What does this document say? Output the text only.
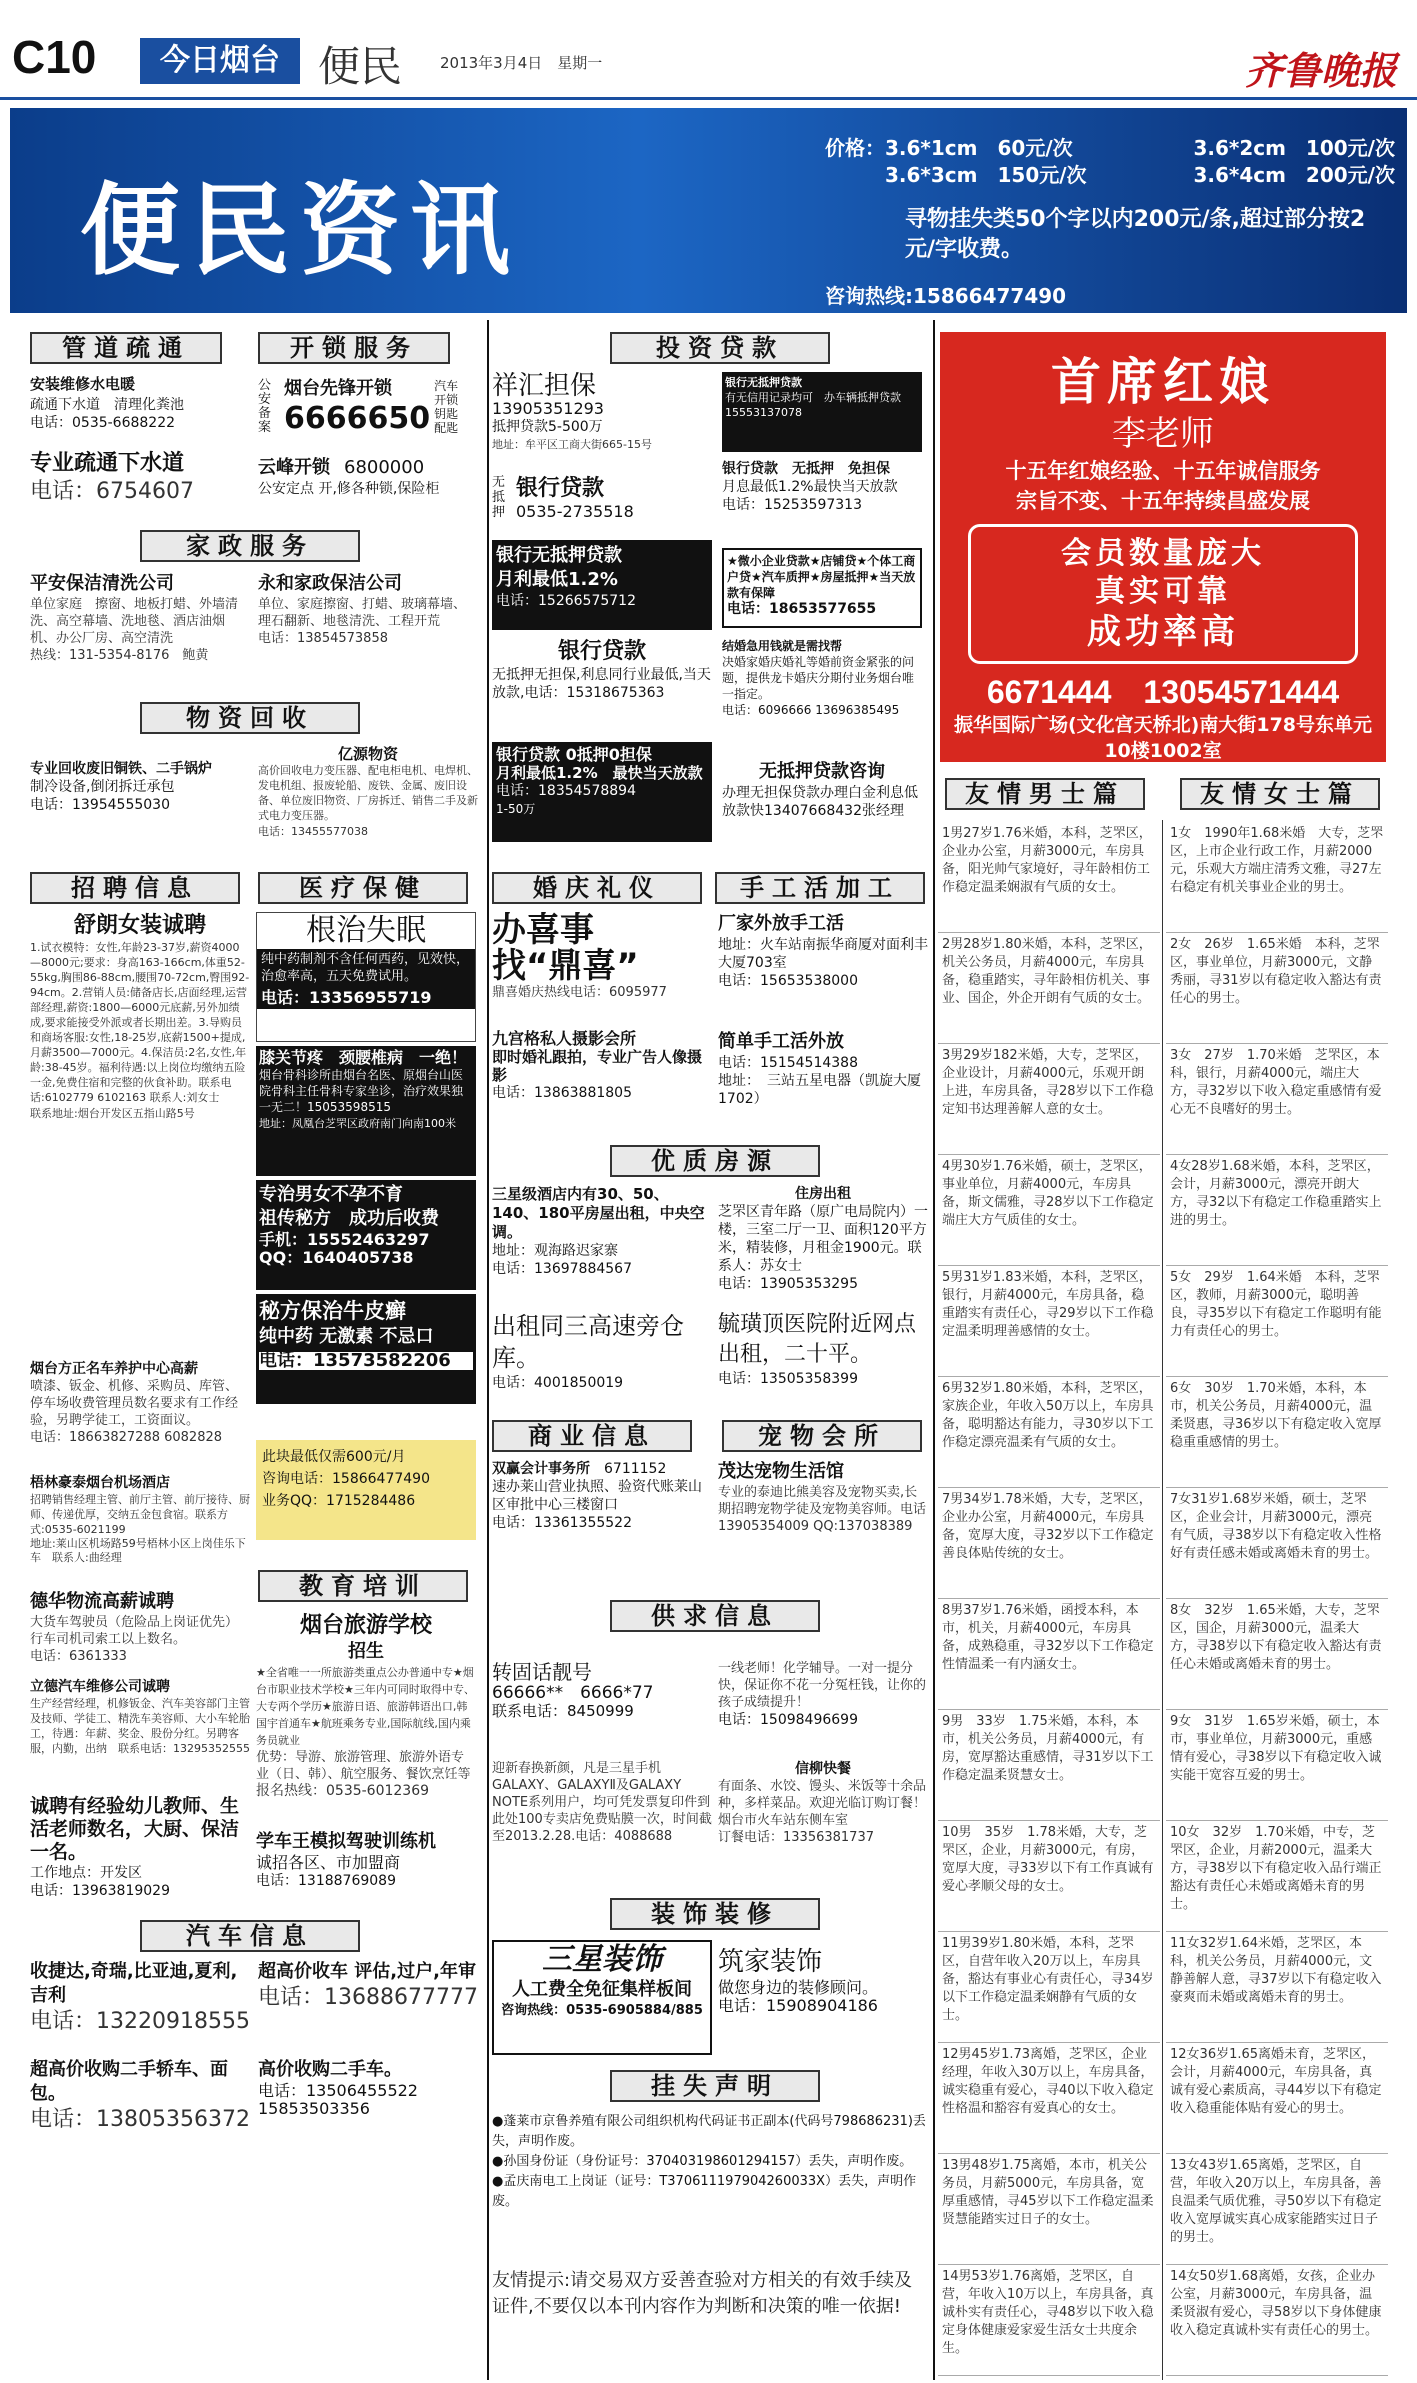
C10	今日烟台 便民	2013年3月4日　星期一	齐鲁晚报
便民资讯
价格：3.6*1cm　60元/次	3.6*2cm　100元/次
3.6*3cm　150元/次	3.6*4cm　200元/次
寻物挂失类50个字以内200元/条,超过部分按2元/字收费。
咨询热线:15866477490
管道疏通	开锁服务
安装维修水电暖
疏通下水道　清理化粪池
电话：0535-6688222
专业疏通下水道
电话：6754607
公安备案
烟台先锋开锁
6666650
汽车开锁 钥匙 配匙
云峰开锁　 6800000
公安定点 开,修各种锁,保险柜
家政服务
平安保洁清洗公司
单位家庭　擦窗、地板打蜡、外墙清洗、高空幕墙、洗地毯、酒店油烟机、办公厂房、高空清洗
热线：131-5354-8176　鲍黄
永和家政保洁公司
单位、家庭擦窗、打蜡、玻璃幕墙、理石翻新、地毯清洗、工程开荒
电话：13854573858
物资回收
专业回收废旧铜铁、二手锅炉
制冷设备,倒闭拆迁承包
电话：13954555030
亿源物资
高价回收电力变压器、配电柜电机、电焊机、发电机组、报废轮船、废铁、金属、废旧设备、单位废旧物资、厂房拆迁、销售二手及新式电力变压器。
电话：13455577038
招聘信息	医疗保健
舒朗女装诚聘
1.试衣模特：女性,年龄23-37岁,薪资4000—8000元;要求：身高163-166cm,体重52-55kg,胸围86-88cm,腰围70-72cm,臀围92-94cm。2.营销人员:储备店长,店面经理,运营部经理,薪资:1800—6000元底薪,另外加绩成,要求能接受外派或者长期出差。3.导购员和商场客服:女性,18-25岁,底薪1500+提成,月薪3500—7000元。4.保洁员:2名,女性,年龄:38-45岁。福利待遇:以上岗位均缴纳五险一金,免费住宿和完整的伙食补助。联系电话:6102779 6102163 联系人:刘女士
联系地址:烟台开发区五指山路5号
烟台方正名车养护中心高薪
喷漆、钣金、机修、采购员、库管、停车场收费管理员数名要求有工作经验，另聘学徒工，工资面议。
电话：18663827288 6082828
梧林豪泰烟台机场酒店
招聘销售经理主管、前厅主管、前厅接待、厨师、传递优厚，交纳五金包食宿。联系方式:0535-6021199
地址:莱山区机场路59号梧林小区上岗佳乐下车　联系人:曲经理
德华物流高薪诚聘
大货车驾驶员（危险品上岗证优先）行车司机司索工以上数名。
电话：6361333
立德汽车维修公司诚聘
生产经营经理，机修钣金、汽车美容部门主管及技师、学徒工、精洗车美容师、大小车轮胎工，待遇：年薪、奖金、股份分红。另聘客服，内勤，出纳　联系电话：13295352555
诚聘有经验幼儿教师、生活老师数名，大厨、保洁一名。
工作地点：开发区
电话：13963819029
根治失眠
纯中药制剂不含任何西药，见效快，治愈率高，五天免费试用。
电话：13356955719
膝关节疼　颈腰椎病　一绝！
烟台骨科诊所由烟台名医、原烟台山医院骨科主任骨科专家坐诊，治疗效果独一无二！15053598515
地址：凤凰台芝罘区政府南门向南100米
专治男女不孕不育
祖传秘方　成功后收费
手机：15552463297
QQ：1640405738
秘方保治牛皮癣
纯中药 无激素 不忌口
电话：13573582206
此块最低仅需600元/月
咨询电话：15866477490
业务QQ：1715284486
教育培训
烟台旅游学校
招生
★全省唯一一所旅游类重点公办普通中专★烟台市职业技术学校★三年内可同时取得中专、大专两个学历★旅游日语、旅游韩语出口,韩国宇首通车★航班乘务专业,国际航线,国内乘务员就业
优势：导游、旅游管理、旅游外语专业（日、韩）、航空服务、餐饮烹饪等
报名热线：0535-6012369
学车王模拟驾驶训练机
诚招各区、市加盟商
电话：13188769089
汽车信息
收捷达,奇瑞,比亚迪,夏利,吉利
电话：13220918555
超高价收车 评估,过户,年审
电话：13688677777
超高价收购二手轿车、面包。
电话：13805356372
高价收购二手车。
电话：13506455522
15853503356
投资贷款
祥汇担保
13905351293
抵押贷款5-500万
地址：牟平区工商大街665-15号
银行无抵押贷款
有无信用记录均可　办车辆抵押贷款
15553137078
无抵押
银行贷款
0535-2735518
银行贷款　无抵押　免担保
月息最低1.2%最快当天放款
电话：15253597313
银行无抵押贷款
月利最低1.2%
电话：15266575712
★微小企业贷款★店铺贷★个体工商户贷★汽车质押★房屋抵押★当天放款有保障
电话：18653577655
银行贷款
无抵押无担保,利息同行业最低,当天放款,电话：15318675363
结婚急用钱就是需找帮
决婚家婚庆婚礼等婚前资金紧张的问题，提供龙卡婚庆分期付业务烟台唯一指定。
电话：6096666 13696385495
银行贷款 0抵押0担保
月利最低1.2%　最快当天放款
电话：18354578894
1-50万
无抵押贷款咨询
办理无担保贷款办理白金利息低放款快13407668432张经理
婚庆礼仪	手工活加工
办喜事
找“鼎喜”
鼎喜婚庆热线电话：6095977
九宫格私人摄影会所
即时婚礼跟拍，专业广告人像摄影
电话：13863881805
厂家外放手工活
地址：火车站南振华商厦对面利丰大厦703室
电话：15653538000
简单手工活外放
电话：15154514388
地址：　三站五星电器（凯旋大厦1702）
优质房源
三星级酒店内有30、50、140、180平房屋出租，中央空调。
地址：观海路迟家寨
电话：13697884567
住房出租
芝罘区青年路（原广电局院内）一楼，三室二厅一卫、面积120平方米，精装修，月租金1900元。联系人：苏女士
电话：13905353295
出租同三高速旁仓库。
电话：4001850019
毓璜顶医院附近网点出租，二十平。
电话：13505358399
商业信息	宠物会所
双赢会计事务所　 6711152
速办莱山营业执照、验资代账莱山区审批中心三楼窗口
电话：13361355522
茂达宠物生活馆
专业的泰迪比熊美容及宠物买卖,长期招聘宠物学徒及宠物美容师。电话13905354009 QQ:137038389
供求信息
转固话靓号
66666**　6666*77
联系电话：8450999
一线老师！化学辅导。一对一提分快，保证你不花一分冤枉钱，让你的孩子成绩提升！
电话：15098496699
迎新春换新颜，凡是三星手机GALAXY、GALAXYⅡ及GALAXY NOTE系列用户，均可凭发票复印件到此处100专卖店免费贴膜一次，时间截至2013.2.28.电话：4088688
信柳快餐
有面条、水饺、馒头、米饭等十余品种，多样菜品。欢迎光临订购订餐！烟台市火车站东侧车室
订餐电话：13356381737
装饰装修
三星装饰
人工费全免征集样板间
咨询热线：0535-6905884/885
筑家装饰
做您身边的装修顾问。
电话：15908904186
挂失声明
●蓬莱市京鲁养殖有限公司组织机构代码证书正副本(代码号798686231)丢失，声明作废。
●孙国身份证（身份证号：370403198601294157）丢失，声明作废。
●孟庆南电工上岗证（证号：T370611197904260033X）丢失，声明作废。
友情提示:请交易双方妥善查验对方相关的有效手续及证件,不要仅以本刊内容作为判断和决策的唯一依据!
首席红娘
李老师
十五年红娘经验、十五年诚信服务
宗旨不变、十五年持续昌盛发展
会员数量庞大
真实可靠
成功率高
6671444　13054571444
振华国际广场(文化宫天桥北)南大街178号东单元10楼1002室
友情男士篇	友情女士篇
1男27岁1.76米婚，本科，芝罘区，企业办公室，月薪3000元，车房具备，阳光帅气家境好，寻年龄相仿工作稳定温柔娴淑有气质的女士。
2男28岁1.80米婚，本科，芝罘区，机关公务员，月薪4000元，车房具备，稳重踏实，寻年龄相仿机关、事业、国企，外企开朗有气质的女士。
3男29岁182米婚，大专，芝罘区，企业设计，月薪4000元，乐观开朗上进，车房具备，寻28岁以下工作稳定知书达理善解人意的女士。
4男30岁1.76米婚，硕士，芝罘区，事业单位，月薪4000元，车房具备，斯文儒雅，寻28岁以下工作稳定端庄大方气质佳的女士。
5男31岁1.83米婚，本科，芝罘区，银行，月薪4000元，车房具备，稳重踏实有责任心，寻29岁以下工作稳定温柔明理善感情的女士。
6男32岁1.80米婚，本科，芝罘区，家族企业，年收入50万以上，车房具备，聪明豁达有能力，寻30岁以下工作稳定漂亮温柔有气质的女士。
7男34岁1.78米婚，大专，芝罘区，企业办公室，月薪4000元，车房具备，宽厚大度，寻32岁以下工作稳定善良体贴传统的女士。
8男37岁1.76米婚，函授本科，本市，机关，月薪4000元，车房具备，成熟稳重，寻32岁以下工作稳定性情温柔一有内涵女士。
9男　33岁　1.75米婚，本科，本市，机关公务员，月薪4000元，有房，宽厚豁达重感情，寻31岁以下工作稳定温柔贤慧女士。
10男　35岁　1.78米婚，大专，芝罘区，企业，月薪3000元，有房，宽厚大度，寻33岁以下有工作真诚有爱心孝顺父母的女士。
11男39岁1.80米婚，本科，芝罘区，自营年收入20万以上，车房具备，豁达有事业心有责任心，寻34岁以下工作稳定温柔娴静有气质的女士。
12男45岁1.73离婚，芝罘区，企业经理，年收入30万以上，车房具备，诚实稳重有爱心，寻40以下收入稳定性格温和豁容有爱真心的女士。
13男48岁1.75离婚，本市，机关公务员，月薪5000元，车房具备，宽厚重感情，寻45岁以下工作稳定温柔贤慧能踏实过日子的女士。
14男53岁1.76离婚，芝罘区，自营，年收入10万以上，车房具备，真诚朴实有责任心，寻48岁以下收入稳定身体健康爱家爱生活女士共度余生。
1女　1990年1.68米婚　大专，芝罘区，上市企业行政工作，月薪2000元，乐观大方端庄清秀文雅，寻27左右稳定有机关事业企业的男士。
2女　26岁　1.65米婚　本科，芝罘区，事业单位，月薪3000元，文静秀丽，寻31岁以有稳定收入豁达有责任心的男士。
3女　27岁　1.70米婚　芝罘区，本科，银行，月薪4000元，端庄大方，寻32岁以下收入稳定重感情有爱心无不良嗜好的男士。
4女28岁1.68米婚，本科，芝罘区，会计，月薪3000元，漂亮开朗大方，寻32以下有稳定工作稳重踏实上进的男士。
5女　29岁　1.64米婚　本科，芝罘区，教师，月薪3000元，聪明善良，寻35岁以下有稳定工作聪明有能力有责任心的男士。
6女　30岁　1.70米婚，本科，本市，机关公务员，月薪4000元，温柔贤惠，寻36岁以下有稳定收入宽厚稳重重感情的男士。
7女31岁1.68岁米婚，硕士，芝罘区，企业会计，月薪3000元，漂亮有气质，寻38岁以下有稳定收入性格好有责任感未婚或离婚未育的男士。
8女　32岁　1.65米婚，大专，芝罘区，国企，月薪3000元，温柔大方，寻38岁以下有稳定收入豁达有责任心未婚或离婚未育的男士。
9女　31岁　1.65岁米婚，硕士，本市，事业单位，月薪3000元，重感情有爱心，寻38岁以下有稳定收入诚实能干宽容互爱的男士。
10女　32岁　1.70米婚，中专，芝罘区，企业，月薪2000元，温柔大方，寻38岁以下有稳定收入品行端正豁达有责任心未婚或离婚未育的男士。
11女32岁1.64米婚，芝罘区，本科，机关公务员，月薪4000元，文静善解人意，寻37岁以下有稳定收入豪爽而未婚或离婚未育的男士。
12女36岁1.65离婚未育，芝罘区，会计，月薪4000元，车房具备，真诚有爱心素质高，寻44岁以下有稳定收入稳重能体贴有爱心的男士。
13女43岁1.65离婚，芝罘区，自营，年收入20万以上，车房具备，善良温柔气质优雅，寻50岁以下有稳定收入宽厚诚实真心成家能踏实过日子的男士。
14女50岁1.68离婚，女孩，企业办公室，月薪3000元，车房具备，温柔贤淑有爱心，寻58岁以下身体健康收入稳定真诚朴实有责任心的男士。
